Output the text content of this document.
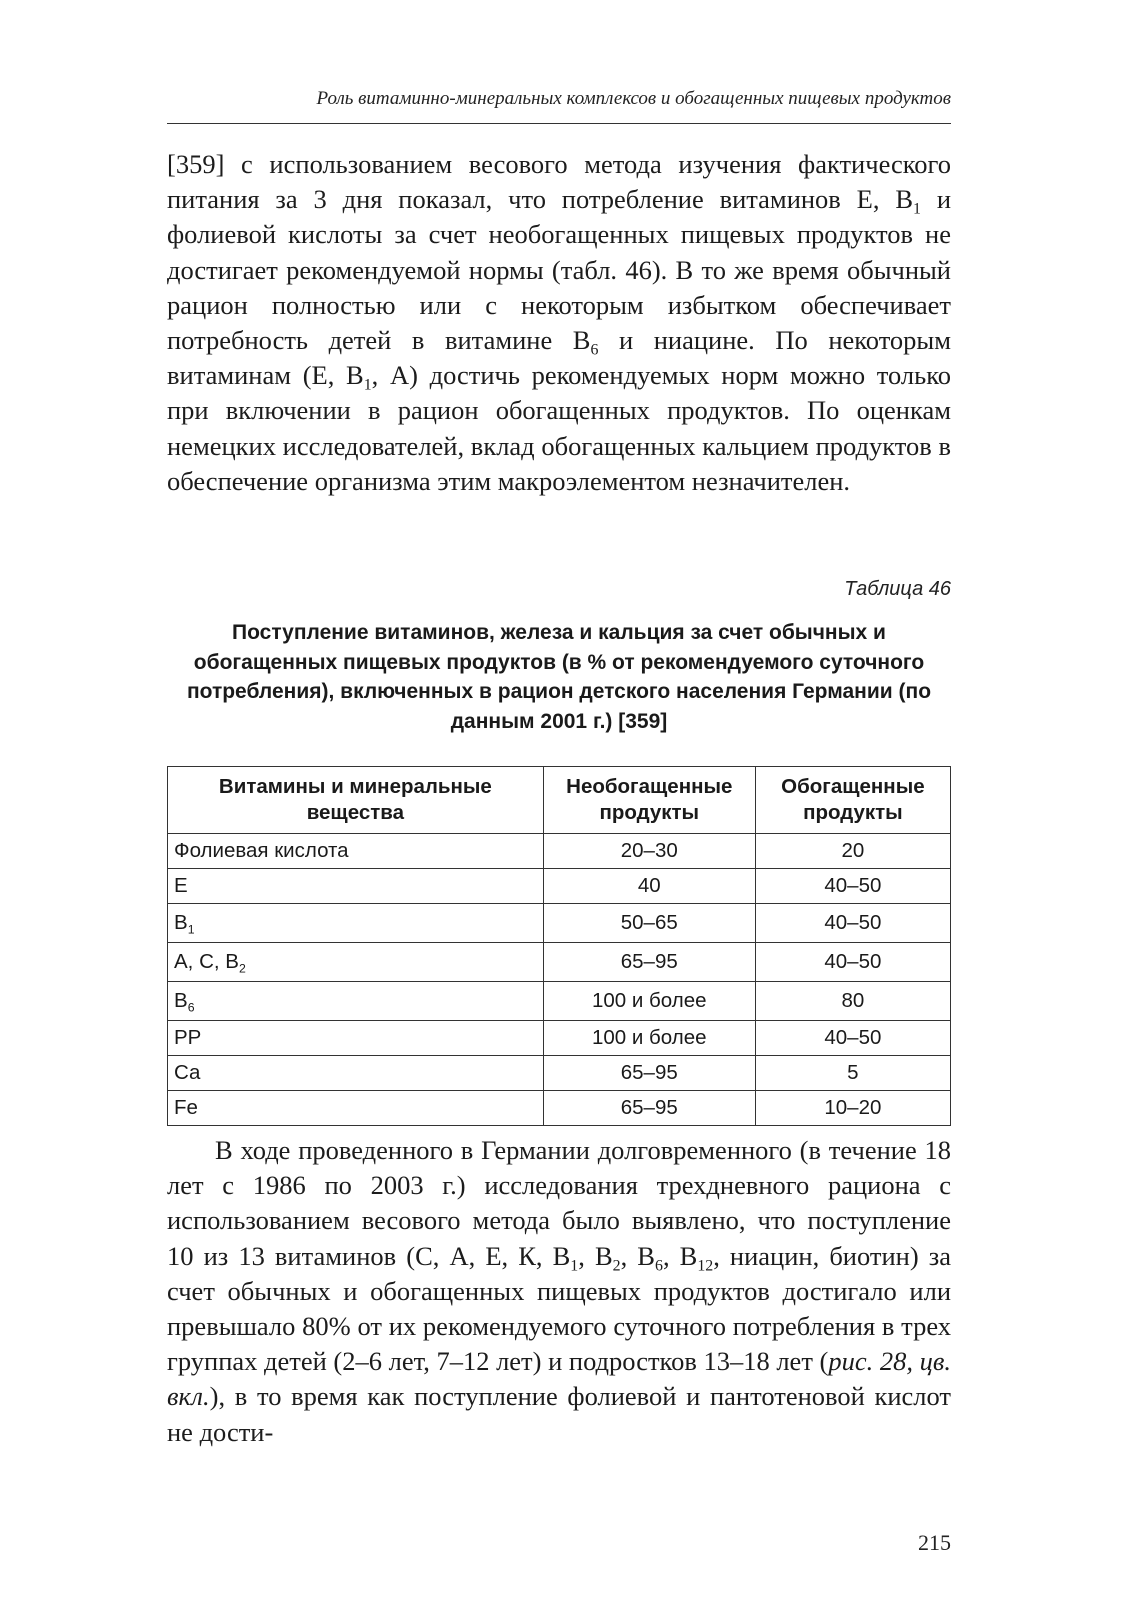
Роль витаминно-минеральных комплексов и обогащенных пищевых продуктов
[359] с использованием весового метода изучения фактического питания за 3 дня показал, что потребление витаминов Е, $В_1$ и фолиевой кислоты за счет необогащенных пищевых продуктов не достигает рекомендуемой нормы (табл. 46). В то же время обычный рацион полностью или с некоторым избытком обеспечивает потребность детей в витамине $В_6$ и ниацине. По некоторым витаминам (Е, $В_1$, А) достичь рекомендуемых норм можно только при включении в рацион обогащенных продуктов. По оценкам немецких исследователей, вклад обогащенных кальцием продуктов в обеспечение организма этим макроэлементом незначителен.
Таблица 46
Поступление витаминов, железа и кальция за счет обычных и обогащенных пищевых продуктов (в % от рекомендуемого суточного потребления), включенных в рацион детского населения Германии (по данным 2001 г.) [359]
Витамины и минеральные вещества	Необогащенные продукты	Обогащенные продукты
Фолиевая кислота	20–30	20
Е	40	40–50
$В_1$	50–65	40–50
А, С, $В_2$	65–95	40–50
$В_6$	100 и более	80
РР	100 и более	40–50
Са	65–95	5
Fe	65–95	10–20
В ходе проведенного в Германии долговременного (в течение 18 лет с 1986 по 2003 г.) исследования трехдневного рациона с использованием весового метода было выявлено, что поступление 10 из 13 витаминов (С, А, Е, К, $В_1$, $В_2$, $В_6$, $В_{12}$, ниацин, биотин) за счет обычных и обогащенных пищевых продуктов достигало или превышало 80% от их рекомендуемого суточного потребления в трех группах детей (2–6 лет, 7–12 лет) и подростков 13–18 лет (рис. 28, цв. вкл.), в то время как поступление фолиевой и пантотеновой кислот не дости-
215
